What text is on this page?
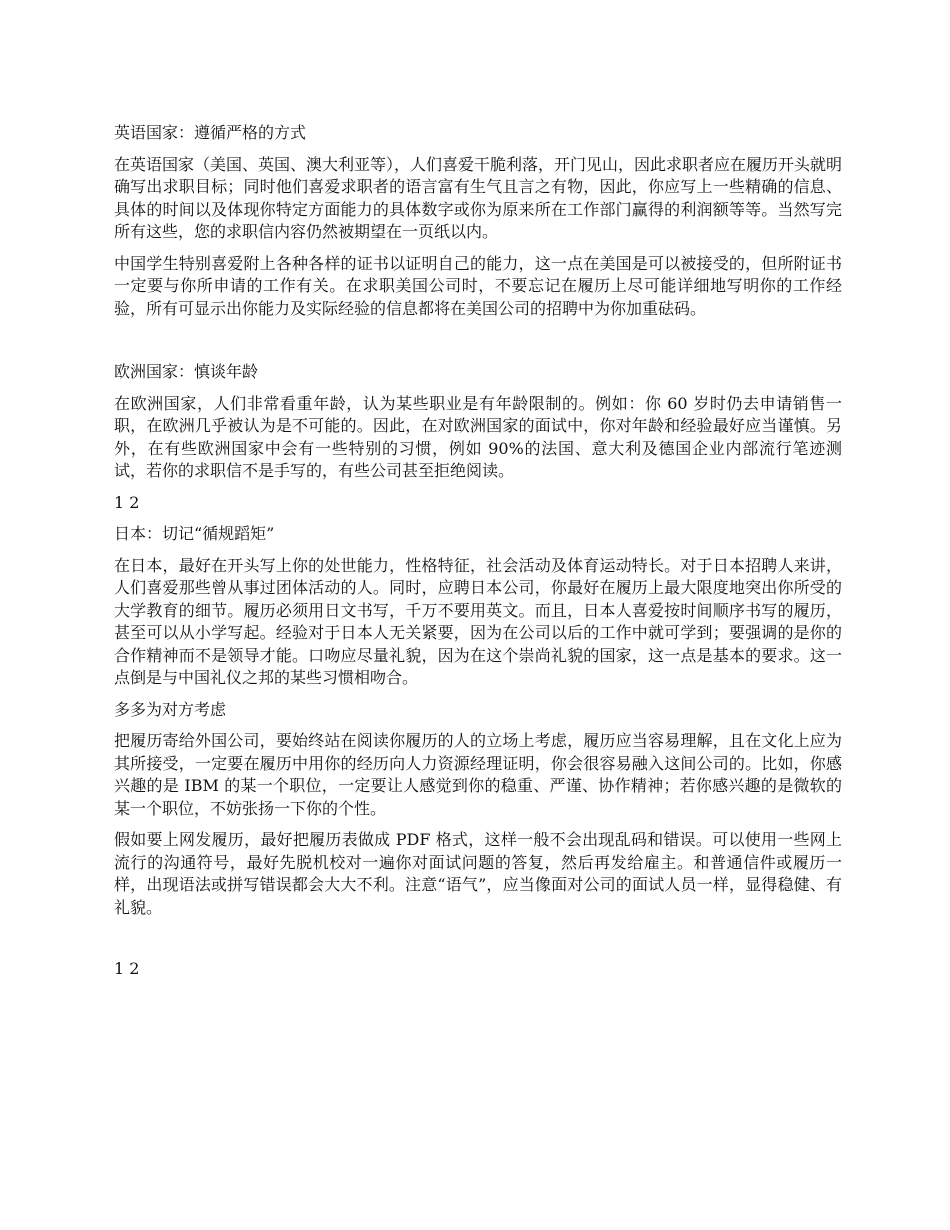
英语国家：遵循严格的方式

在英语国家（美国、英国、澳大利亚等），人们喜爱干脆利落，开门见山，因此求职者应在履历开头就明确写出求职目标；同时他们喜爱求职者的语言富有生气且言之有物，因此，你应写上一些精确的信息、具体的时间以及体现你特定方面能力的具体数字或你为原来所在工作部门赢得的利润额等等。当然写完所有这些，您的求职信内容仍然被期望在一页纸以内。

中国学生特别喜爱附上各种各样的证书以证明自己的能力，这一点在美国是可以被接受的，但所附证书一定要与你所申请的工作有关。在求职美国公司时，不要忘记在履历上尽可能详细地写明你的工作经验，所有可显示出你能力及实际经验的信息都将在美国公司的招聘中为你加重砝码。

欧洲国家：慎谈年龄

在欧洲国家，人们非常看重年龄，认为某些职业是有年龄限制的。例如：你 60 岁时仍去申请销售一职，在欧洲几乎被认为是不可能的。因此，在对欧洲国家的面试中，你对年龄和经验最好应当谨慎。另外，在有些欧洲国家中会有一些特别的习惯，例如 90%的法国、意大利及德国企业内部流行笔迹测试，若你的求职信不是手写的，有些公司甚至拒绝阅读。

1 2
日本：切记“循规蹈矩”

在日本，最好在开头写上你的处世能力，性格特征，社会活动及体育运动特长。对于日本招聘人来讲，人们喜爱那些曾从事过团体活动的人。同时，应聘日本公司，你最好在履历上最大限度地突出你所受的大学教育的细节。履历必须用日文书写，千万不要用英文。而且，日本人喜爱按时间顺序书写的履历，甚至可以从小学写起。经验对于日本人无关紧要，因为在公司以后的工作中就可学到；要强调的是你的合作精神而不是领导才能。口吻应尽量礼貌，因为在这个崇尚礼貌的国家，这一点是基本的要求。这一点倒是与中国礼仪之邦的某些习惯相吻合。

多多为对方考虑

把履历寄给外国公司，要始终站在阅读你履历的人的立场上考虑，履历应当容易理解，且在文化上应为其所接受，一定要在履历中用你的经历向人力资源经理证明，你会很容易融入这间公司的。比如，你感兴趣的是 IBM 的某一个职位，一定要让人感觉到你的稳重、严谨、协作精神；若你感兴趣的是微软的某一个职位，不妨张扬一下你的个性。

假如要上网发履历，最好把履历表做成 PDF 格式，这样一般不会出现乱码和错误。可以使用一些网上流行的沟通符号，最好先脱机校对一遍你对面试问题的答复，然后再发给雇主。和普通信件或履历一样，出现语法或拼写错误都会大大不利。注意“语气”，应当像面对公司的面试人员一样，显得稳健、有礼貌。

1 2
